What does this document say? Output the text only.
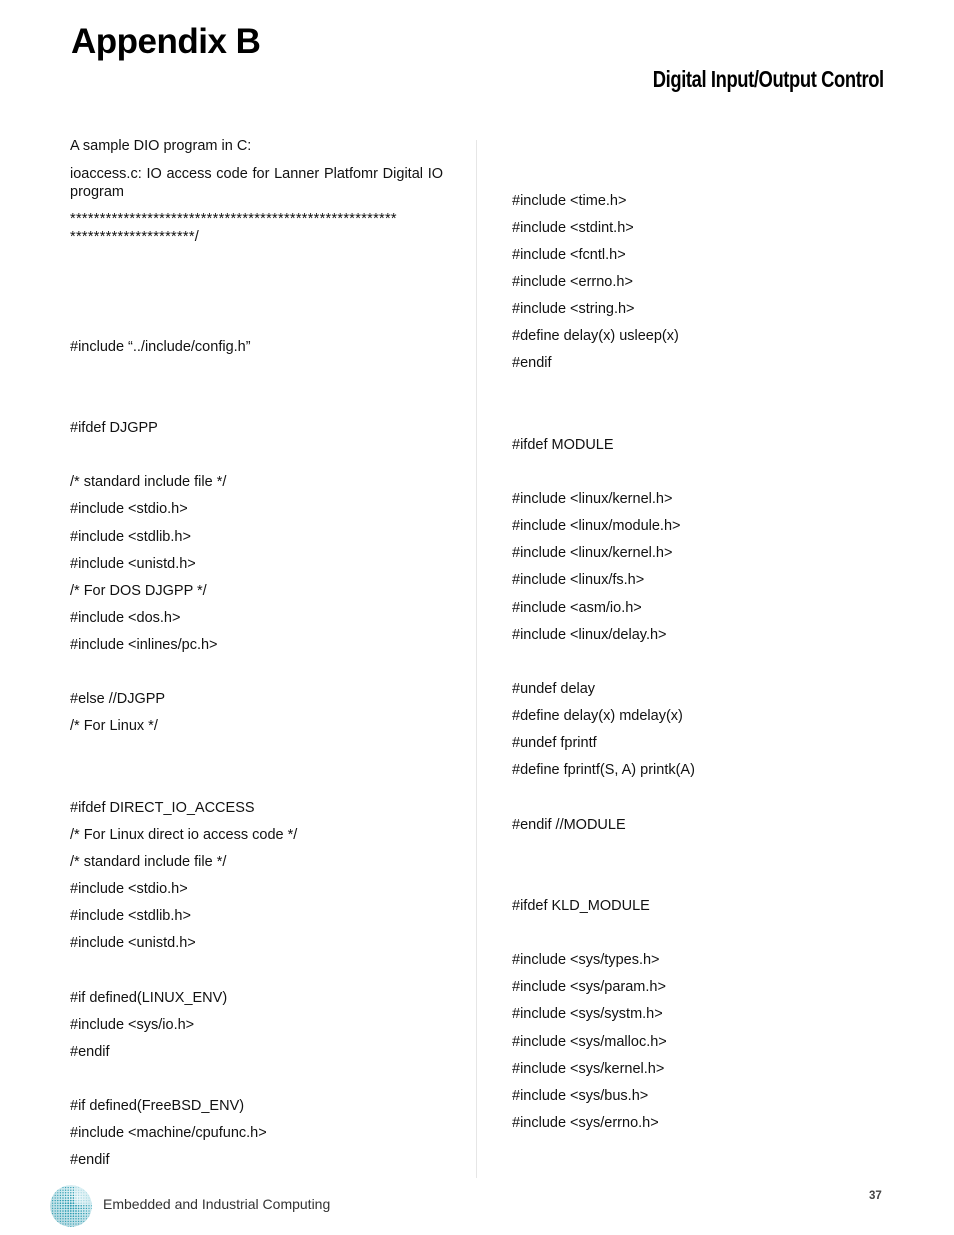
Appendix B
Digital Input/Output Control
A sample DIO program in C:
ioaccess.c: IO access code for Lanner Platfomr Digital IO program
*******************************************************
*********************/
#include “../include/config.h”
#ifdef DJGPP
/* standard include file */
#include <stdio.h>
#include <stdlib.h>
#include <unistd.h>
/* For DOS DJGPP */
#include <dos.h>
#include <inlines/pc.h>
#else //DJGPP
/* For Linux */
#ifdef DIRECT_IO_ACCESS
/* For Linux direct io access code */
/* standard include file */
#include <stdio.h>
#include <stdlib.h>
#include <unistd.h>
#if defined(LINUX_ENV)
#include <sys/io.h>
#endif
#if defined(FreeBSD_ENV)
#include <machine/cpufunc.h>
#endif
#include <time.h>
#include <stdint.h>
#include <fcntl.h>
#include <errno.h>
#include <string.h>
#define delay(x) usleep(x)
#endif
#ifdef MODULE
#include <linux/kernel.h>
#include <linux/module.h>
#include <linux/kernel.h>
#include <linux/fs.h>
#include <asm/io.h>
#include <linux/delay.h>
#undef delay
#define delay(x) mdelay(x)
#undef fprintf
#define fprintf(S, A) printk(A)
#endif //MODULE
#ifdef KLD_MODULE
#include <sys/types.h>
#include <sys/param.h>
#include <sys/systm.h>
#include <sys/malloc.h>
#include <sys/kernel.h>
#include <sys/bus.h>
#include <sys/errno.h>
Embedded and Industrial Computing	37
